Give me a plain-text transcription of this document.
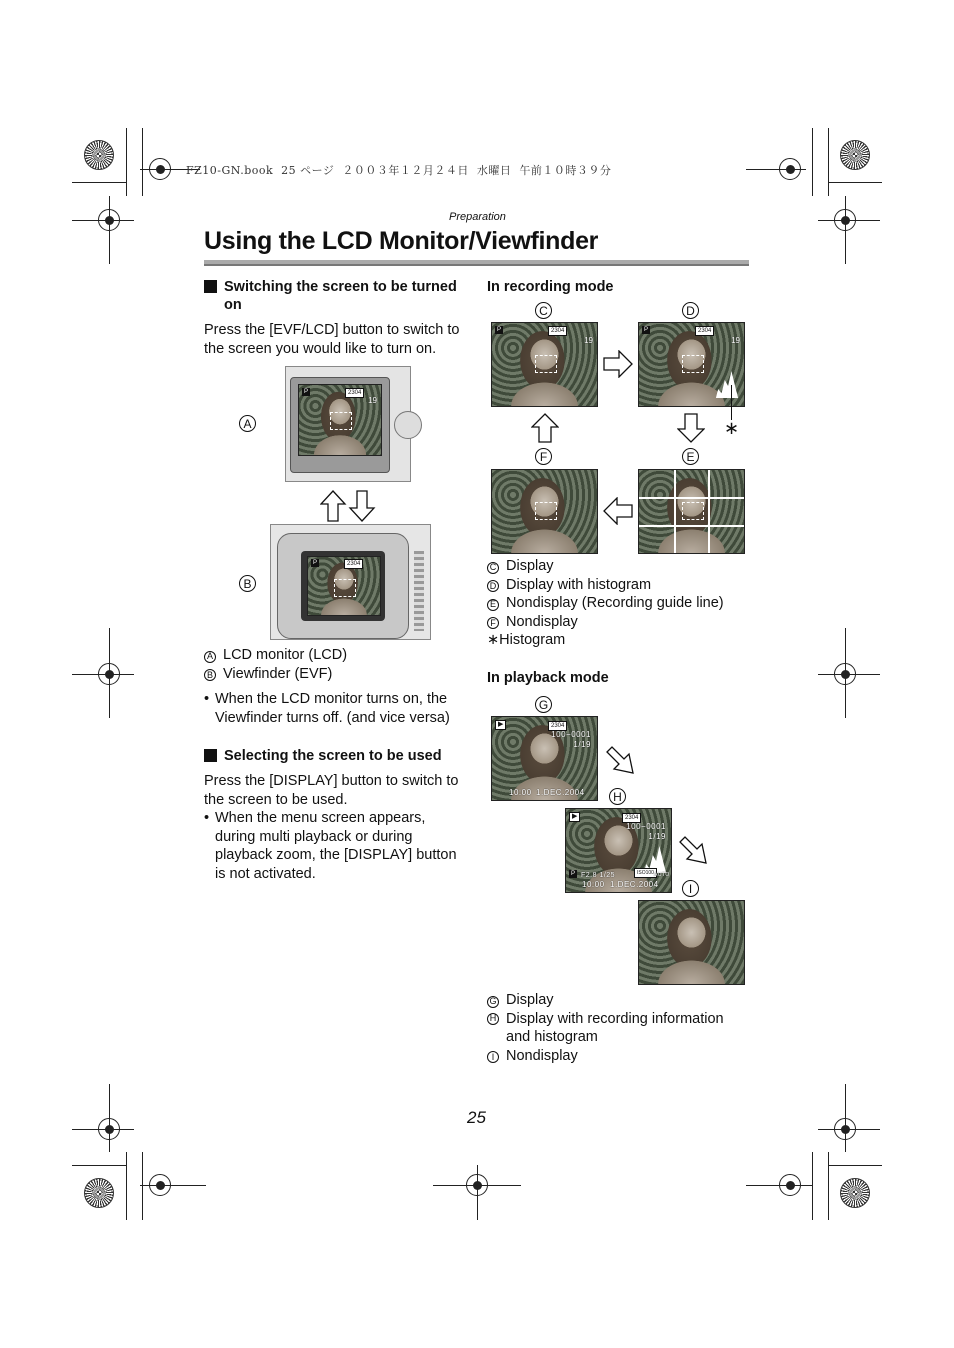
FZ10-GN.book  25 ページ  ２００３年１２月２４日  水曜日  午前１０時３９分
Preparation
Using the LCD Monitor/Viewfinder
Switching the screen to be turned on
Press the [EVF/LCD] button to switch to the screen you would like to turn on.
A
P	2304
19
B
P	2304
A LCD monitor (LCD)
B Viewfinder (EVF)
• When the LCD monitor turns on, the Viewfinder turns off. (and vice versa)
Selecting the screen to be used
Press the [DISPLAY] button to switch to the screen to be used.
• When the menu screen appears, during multi playback or during playback zoom, the [DISPLAY] button is not activated.
In recording mode
C	D
P	2304
19
P	2304
19
∗
F	E
C Display
D Display with histogram
E Nondisplay (Recording guide line)
F Nondisplay
∗Histogram
In playback mode
G
▶	2304
100−0001
1/19
10:00 1.DEC.2004	H
▶	2304
100−0001
1/19
P F2.8 1/25	ISO100 AUTO
10:00 1.DEC.2004	I
G Display
H Display with recording information and histogram
I Nondisplay
25
